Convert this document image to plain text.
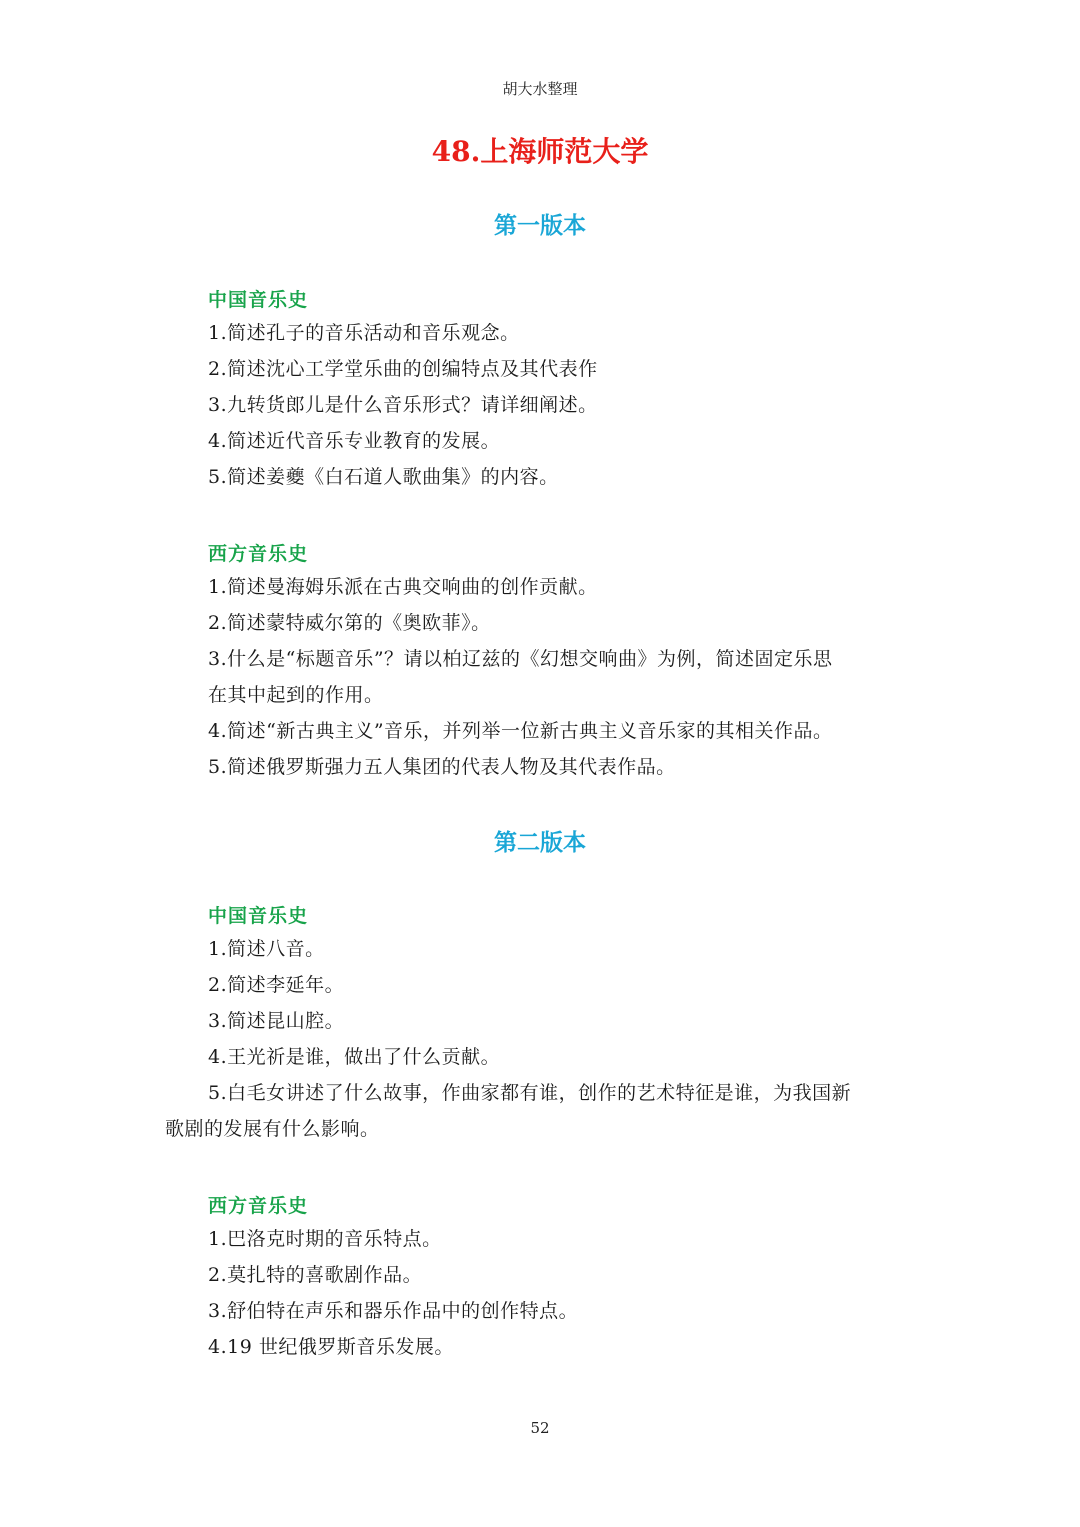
胡大水整理
48.上海师范大学
第一版本
中国音乐史

1.简述孔子的音乐活动和音乐观念。

2.简述沈心工学堂乐曲的创编特点及其代表作

3.九转货郎儿是什么音乐形式？请详细阐述。

4.简述近代音乐专业教育的发展。

5.简述姜夔《白石道人歌曲集》的内容。

西方音乐史

1.简述曼海姆乐派在古典交响曲的创作贡献。

2.简述蒙特威尔第的《奥欧菲》。

3.什么是“标题音乐”？请以柏辽兹的《幻想交响曲》为例，简述固定乐思

在其中起到的作用。

4.简述“新古典主义”音乐，并列举一位新古典主义音乐家的其相关作品。

5.简述俄罗斯强力五人集团的代表人物及其代表作品。

第二版本
中国音乐史

1.简述八音。

2.简述李延年。

3.简述昆山腔。

4.王光祈是谁，做出了什么贡献。

5.白毛女讲述了什么故事，作曲家都有谁，创作的艺术特征是谁，为我国新

歌剧的发展有什么影响。

西方音乐史

1.巴洛克时期的音乐特点。

2.莫扎特的喜歌剧作品。

3.舒伯特在声乐和器乐作品中的创作特点。

4.19 世纪俄罗斯音乐发展。

52
